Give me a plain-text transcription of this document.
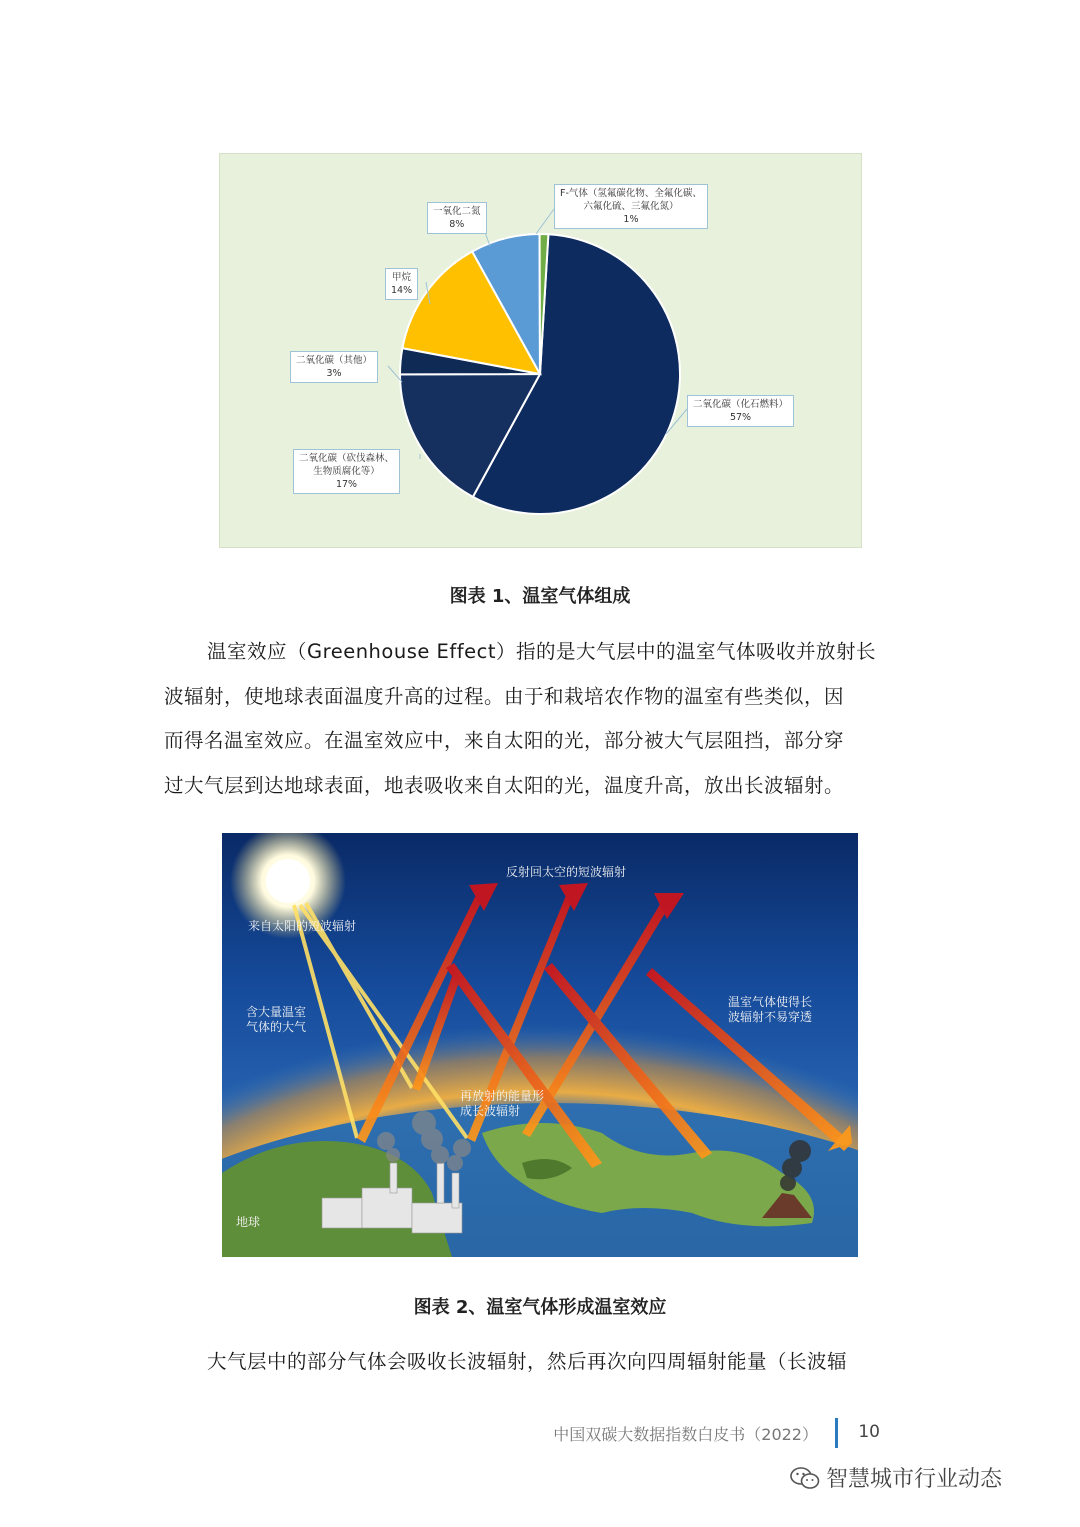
二氧化碳（化石燃料）
57%
二氧化碳（砍伐森林、
生物质腐化等）
17%
二氧化碳（其他）
3%
甲烷
14%
一氧化二氮
8%
F-气体（氢氟碳化物、全氟化碳、
六氟化硫、三氟化氮）
1%
图表 1、温室气体组成
温室效应（Greenhouse Effect）指的是大气层中的温室气体吸收并放射长
波辐射，使地球表面温度升高的过程。由于和栽培农作物的温室有些类似，因
而得名温室效应。在温室效应中，来自太阳的光，部分被大气层阻挡，部分穿
过大气层到达地球表面，地表吸收来自太阳的光，温度升高，放出长波辐射。
来自太阳的短波辐射
反射回太空的短波辐射
含大量温室
气体的大气
温室气体使得长
波辐射不易穿透
再放射的能量形
成长波辐射
地球
图表 2、温室气体形成温室效应
大气层中的部分气体会吸收长波辐射，然后再次向四周辐射能量（长波辐
中国双碳大数据指数白皮书（2022） 10
智慧城市行业动态
